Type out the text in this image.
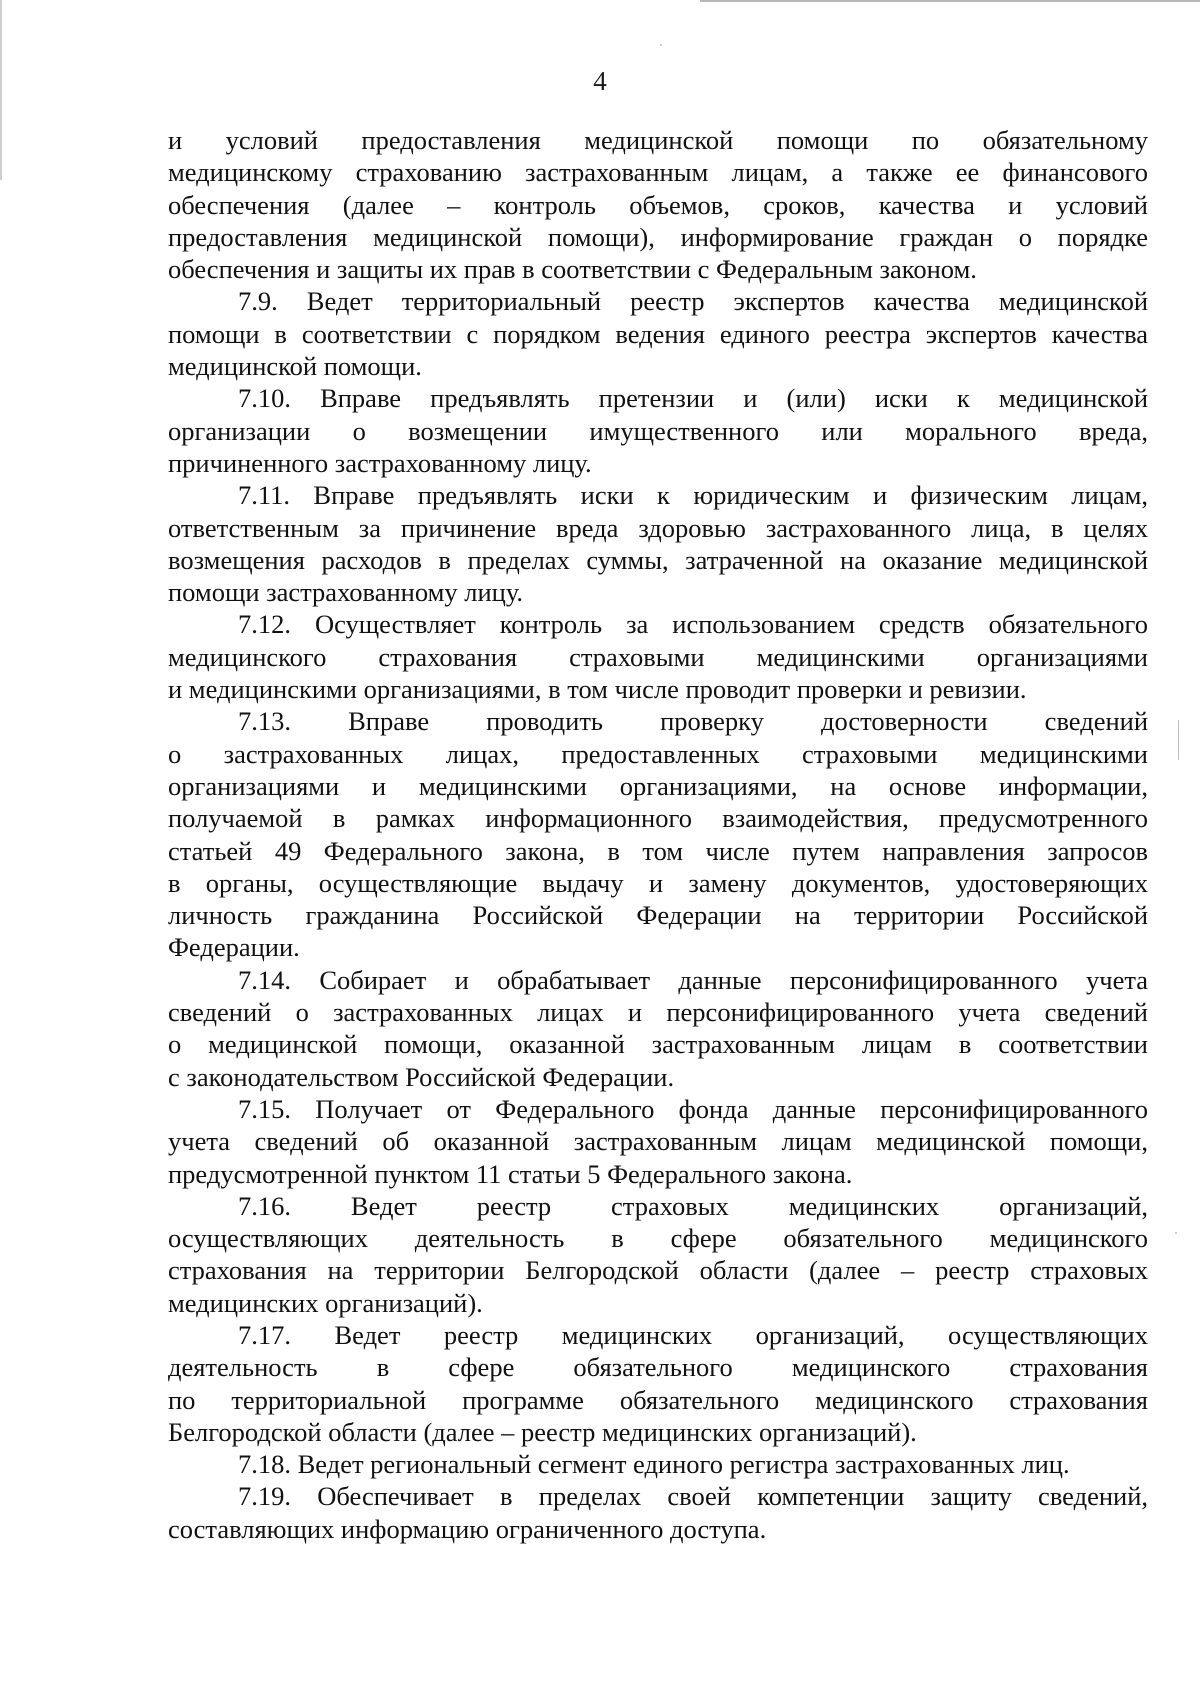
4
и условий предоставления медицинской помощи по обязательному
медицинскому страхованию застрахованным лицам, а также ее финансового
обеспечения (далее – контроль объемов, сроков, качества и условий
предоставления медицинской помощи), информирование граждан о порядке
обеспечения и защиты их прав в соответствии с Федеральным законом.
7.9. Ведет территориальный реестр экспертов качества медицинской
помощи в соответствии с порядком ведения единого реестра экспертов качества
медицинской помощи.
7.10. Вправе предъявлять претензии и (или) иски к медицинской
организации о возмещении имущественного или морального вреда,
причиненного застрахованному лицу.
7.11. Вправе предъявлять иски к юридическим и физическим лицам,
ответственным за причинение вреда здоровью застрахованного лица, в целях
возмещения расходов в пределах суммы, затраченной на оказание медицинской
помощи застрахованному лицу.
7.12. Осуществляет контроль за использованием средств обязательного
медицинского страхования страховыми медицинскими организациями
и медицинскими организациями, в том числе проводит проверки и ревизии.
7.13. Вправе проводить проверку достоверности сведений
о застрахованных лицах, предоставленных страховыми медицинскими
организациями и медицинскими организациями, на основе информации,
получаемой в рамках информационного взаимодействия, предусмотренного
статьей 49 Федерального закона, в том числе путем направления запросов
в органы, осуществляющие выдачу и замену документов, удостоверяющих
личность гражданина Российской Федерации на территории Российской
Федерации.
7.14. Собирает и обрабатывает данные персонифицированного учета
сведений о застрахованных лицах и персонифицированного учета сведений
о медицинской помощи, оказанной застрахованным лицам в соответствии
с законодательством Российской Федерации.
7.15. Получает от Федерального фонда данные персонифицированного
учета сведений об оказанной застрахованным лицам медицинской помощи,
предусмотренной пунктом 11 статьи 5 Федерального закона.
7.16. Ведет реестр страховых медицинских организаций,
осуществляющих деятельность в сфере обязательного медицинского
страхования на территории Белгородской области (далее – реестр страховых
медицинских организаций).
7.17. Ведет реестр медицинских организаций, осуществляющих
деятельность в сфере обязательного медицинского страхования
по территориальной программе обязательного медицинского страхования
Белгородской области (далее – реестр медицинских организаций).
7.18. Ведет региональный сегмент единого регистра застрахованных лиц.
7.19. Обеспечивает в пределах своей компетенции защиту сведений,
составляющих информацию ограниченного доступа.
